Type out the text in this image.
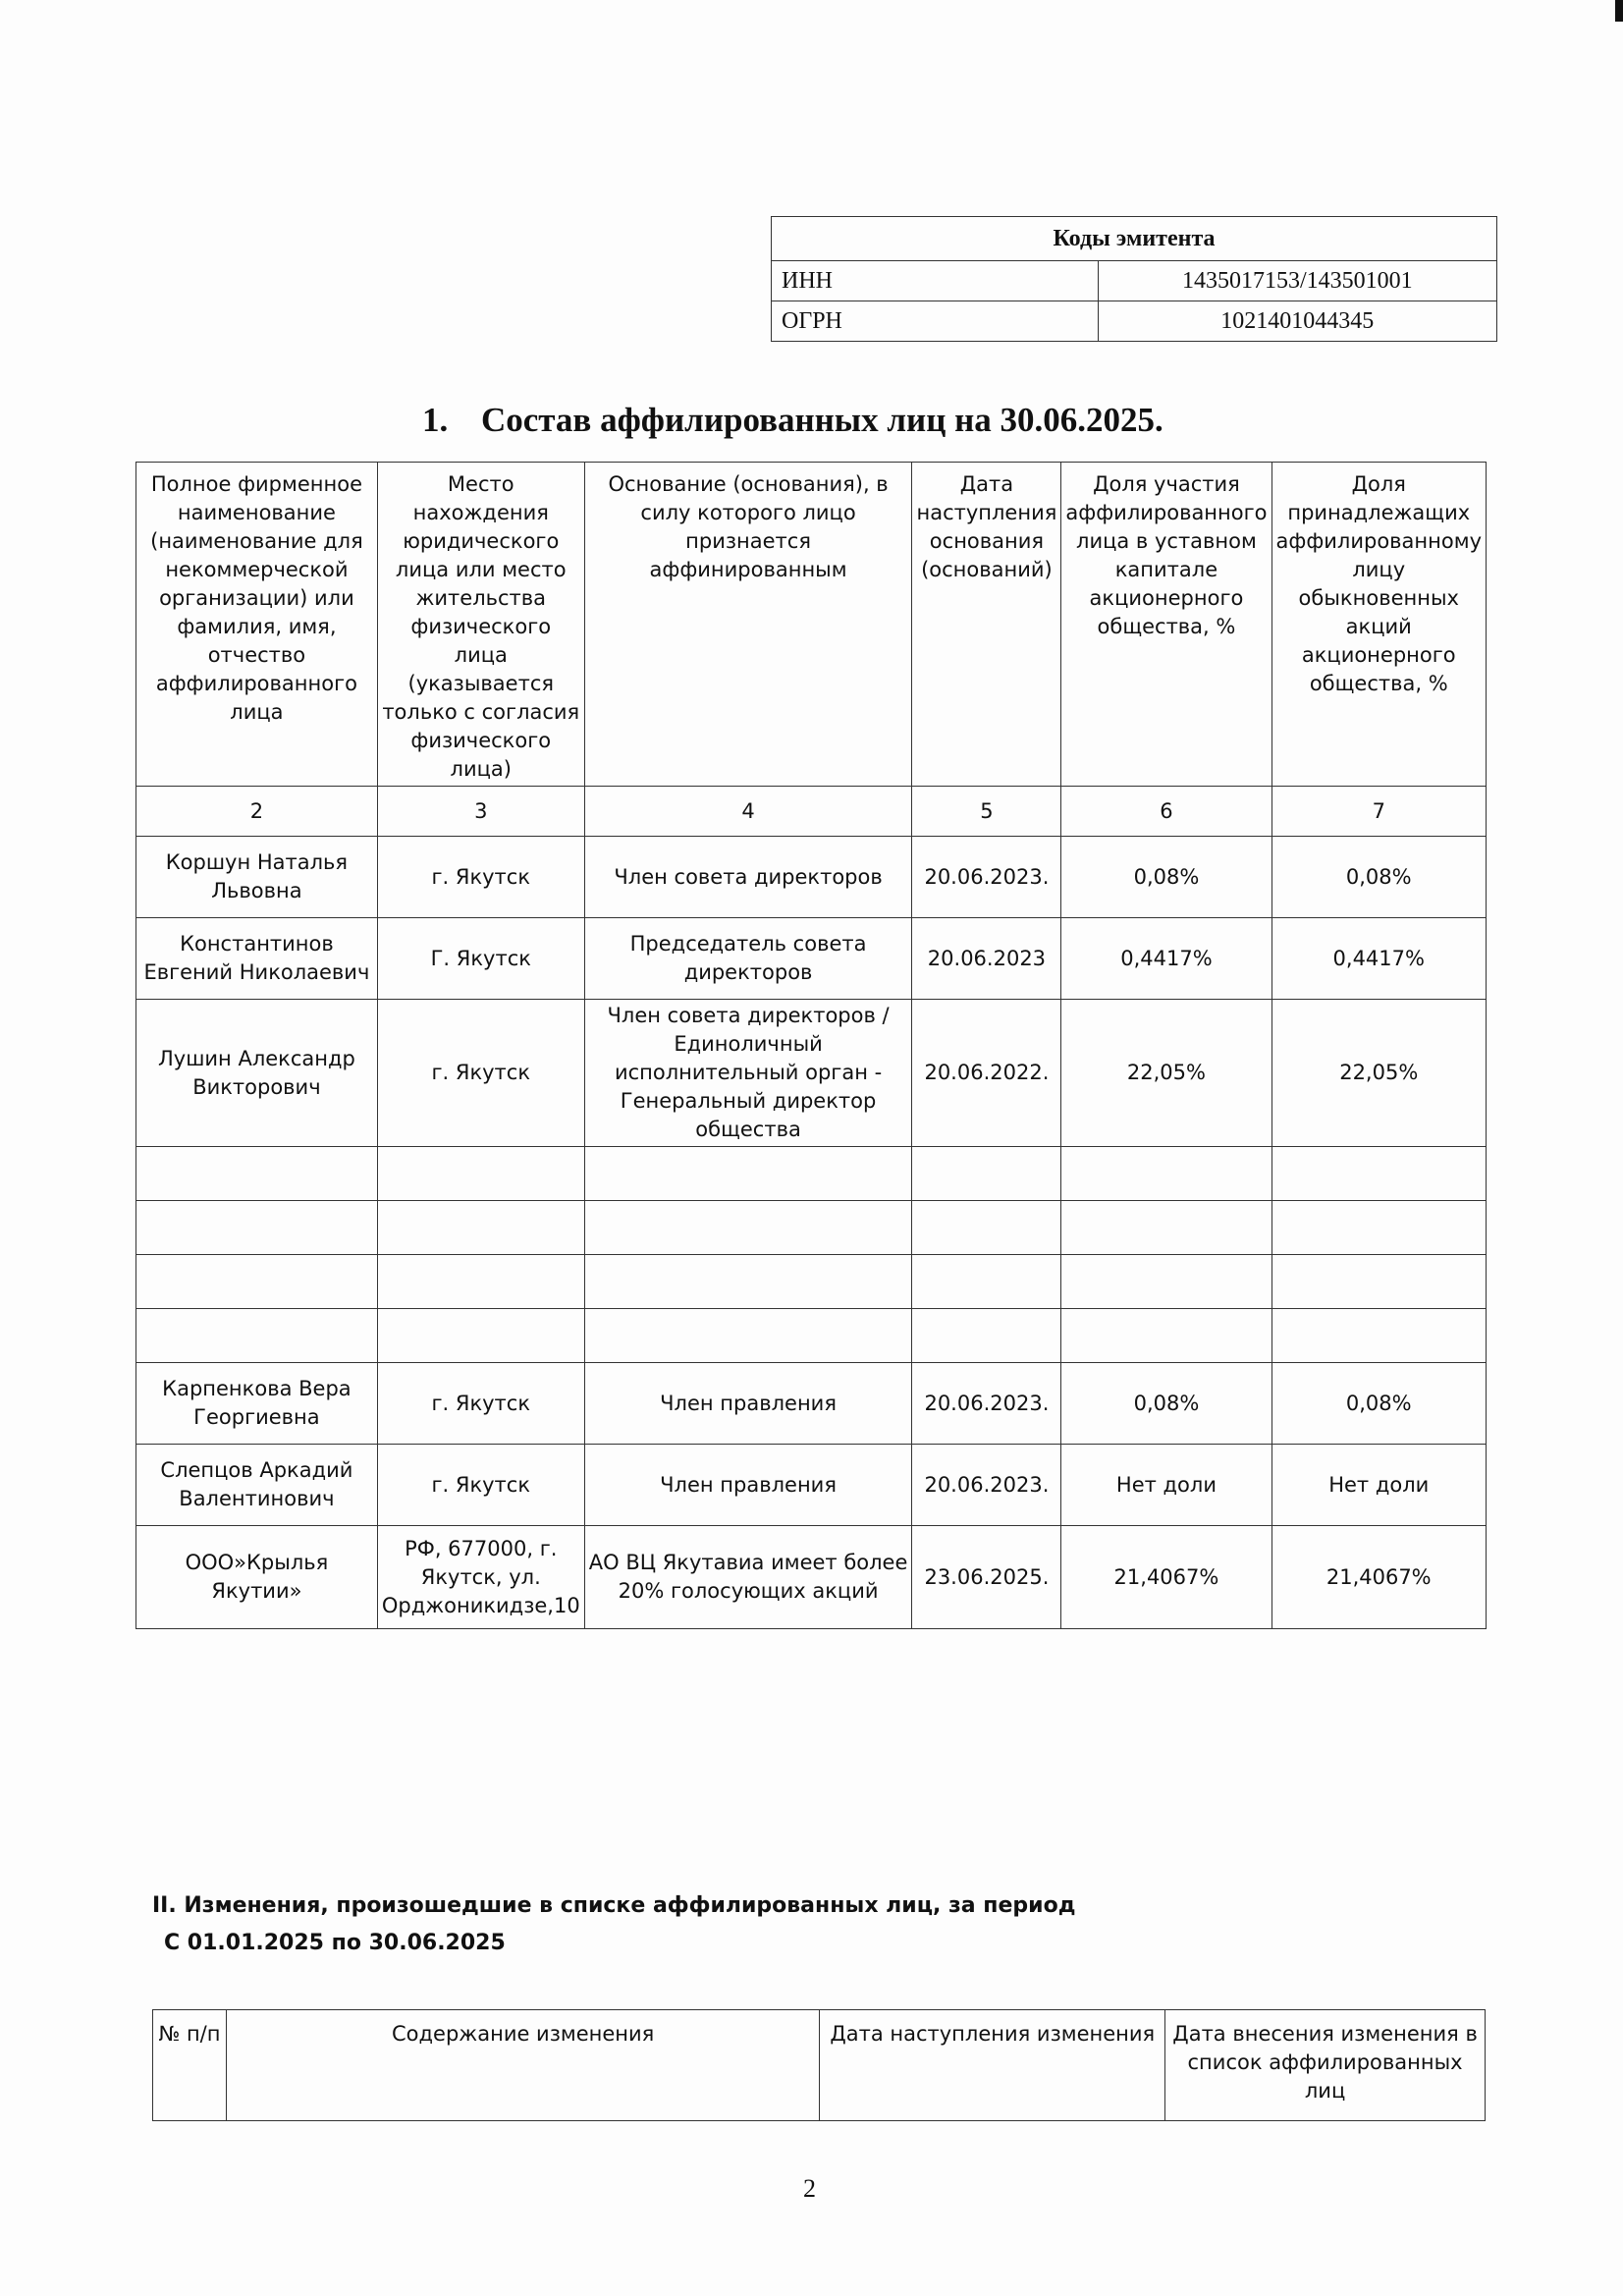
Коды эмитента	
ИНН	1435017153/143501001
ОГРН	1021401044345
1. Состав аффилированных лиц на 30.06.2025.
Полное фирменное наименование (наименование для некоммерческой организации) или фамилия, имя, отчество аффилированного лица	Место нахождения юридического лица или место жительства физического лица (указывается только с согласия физического лица)	Основание (основания), в силу которого лицо признается аффинированным	Дата наступления основания (оснований)	Доля участия аффилированного лица в уставном капитале акционерного общества, %	Доля принадлежащих аффилированному лицу обыкновенных акций акционерного общества, %
2	3	4	5	6	7
Коршун Наталья Львовна	г. Якутск	Член совета директоров	20.06.2023.	0,08%	0,08%
Константинов Евгений Николаевич	Г. Якутск	Председатель совета директоров	20.06.2023	0,4417%	0,4417%
Лушин Александр Викторович	г. Якутск	Член совета директоров / Единоличный исполнительный орган - Генеральный директор общества	20.06.2022.	22,05%	22,05%

Карпенкова Вера Георгиевна	г. Якутск	Член правления	20.06.2023.	0,08%	0,08%
Слепцов Аркадий Валентинович	г. Якутск	Член правления	20.06.2023.	Нет доли	Нет доли
ООО»Крылья Якутии»	РФ, 677000, г. Якутск, ул. Орджоникидзе,10	АО ВЦ Якутавиа имеет более 20% голосующих акций	23.06.2025.	21,4067%	21,4067%
II. Изменения, произошедшие в списке аффилированных лиц, за период
С 01.01.2025 по 30.06.2025
№ п/п	Содержание изменения	Дата наступления изменения	Дата внесения изменения в список аффилированных лиц
2
